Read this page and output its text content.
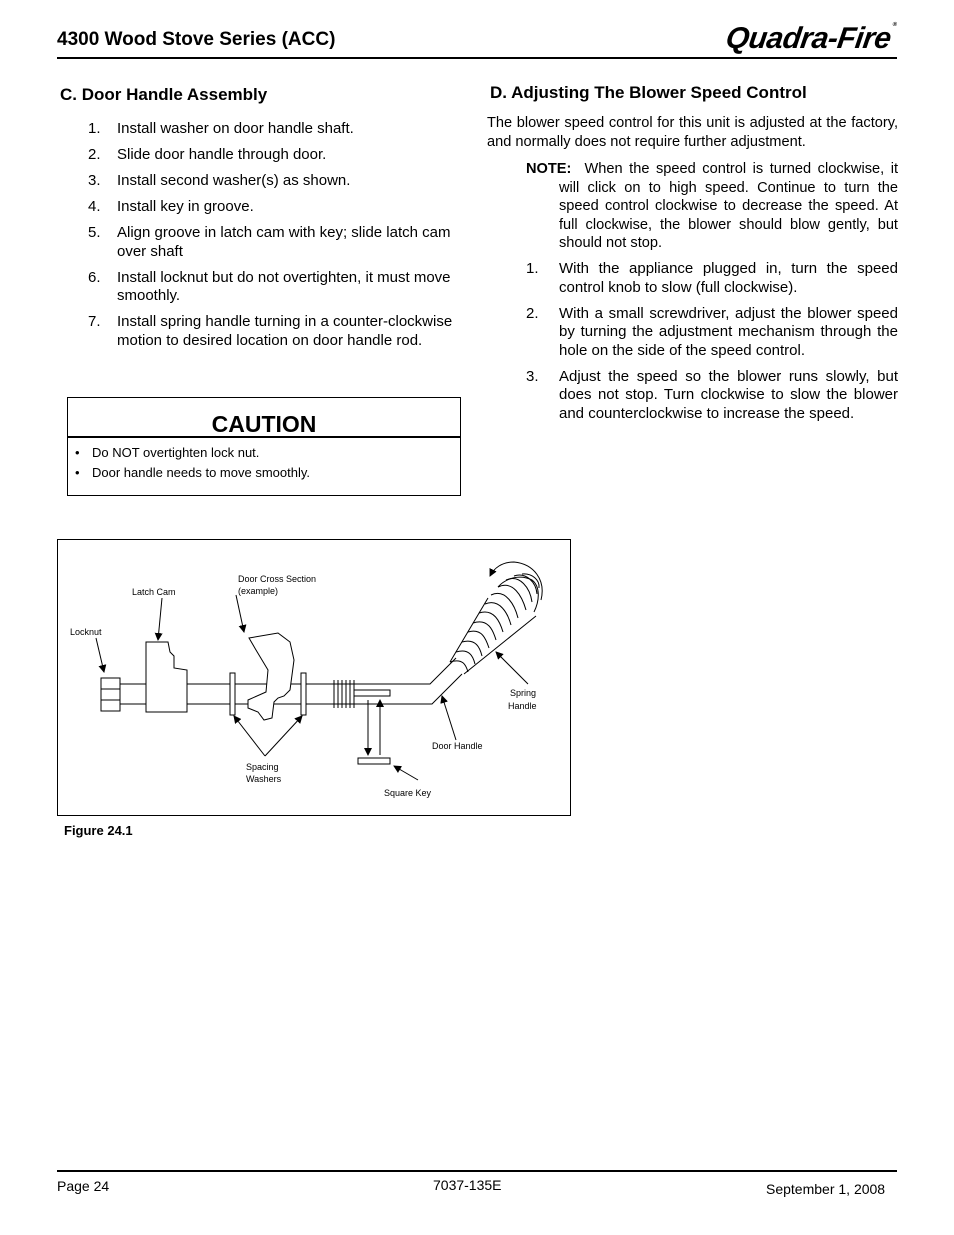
4300 Wood Stove Series (ACC)	Quadra-Fire®
C. Door Handle Assembly
1. Install washer on door handle shaft.
2. Slide door handle through door.
3. Install second washer(s) as shown.
4. Install key in groove.
5. Align groove in latch cam with key; slide latch cam over shaft
6. Install locknut but do not overtighten, it must move smoothly.
7. Install spring handle turning in a counter-clockwise motion to desired location on door handle rod.
CAUTION
• Do NOT overtighten lock nut.
• Door handle needs to move smoothly.
D. Adjusting The Blower Speed Control
The blower speed control for this unit is adjusted at the factory, and normally does not require further adjustment.
NOTE: When the speed control is turned clockwise, it will click on to high speed. Continue to turn the speed control clockwise to decrease the speed. At full clockwise, the blower should blow gently, but should not stop.
1. With the appliance plugged in, turn the speed control knob to slow (full clockwise).
2. With a small screwdriver, adjust the blower speed by turning the adjustment mechanism through the hole on the side of the speed control.
3. Adjust the speed so the blower runs slowly, but does not stop. Turn clockwise to slow the blower and counterclockwise to increase the speed.
Locknut
Latch Cam
Door Cross Section
(example)
Spacing
Washers
Square Key
Door Handle
Spring
Handle
Figure 24.1
Page 24	7037-135E	September 1, 2008
